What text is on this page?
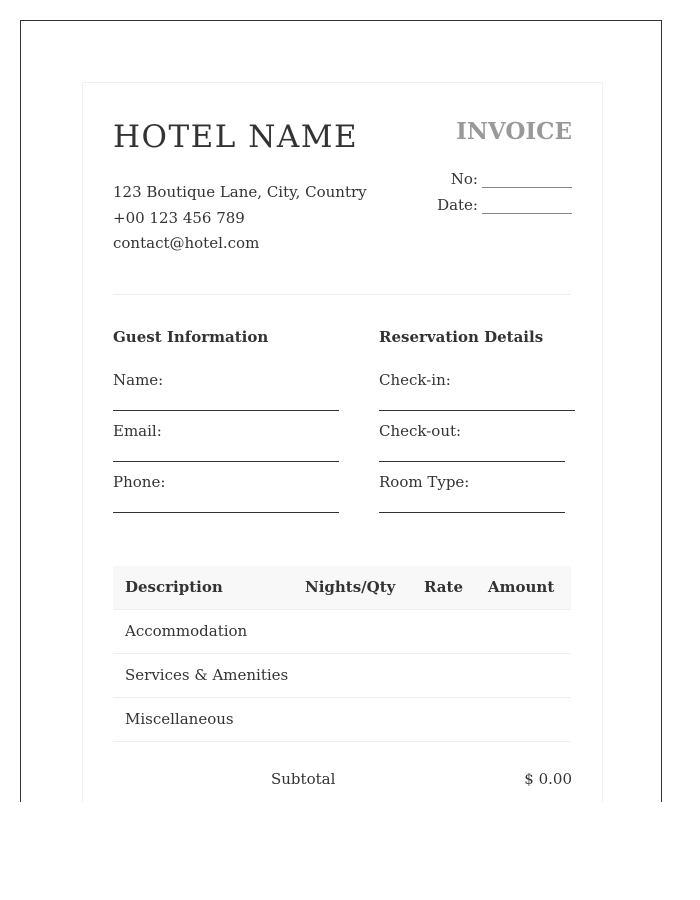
HOTEL NAME	INVOICE
123 Boutique Lane, City, Country
+00 123 456 789
contact@hotel.com
No: ____________
Date: ____________
Guest Information
Name:
Email:
Phone:
Reservation Details
Check-in:
Check-out:
Room Type:
Description	Nights/Qty Rate Amount
Accommodation
Services & Amenities
Miscellaneous
Subtotal	$ 0.00
